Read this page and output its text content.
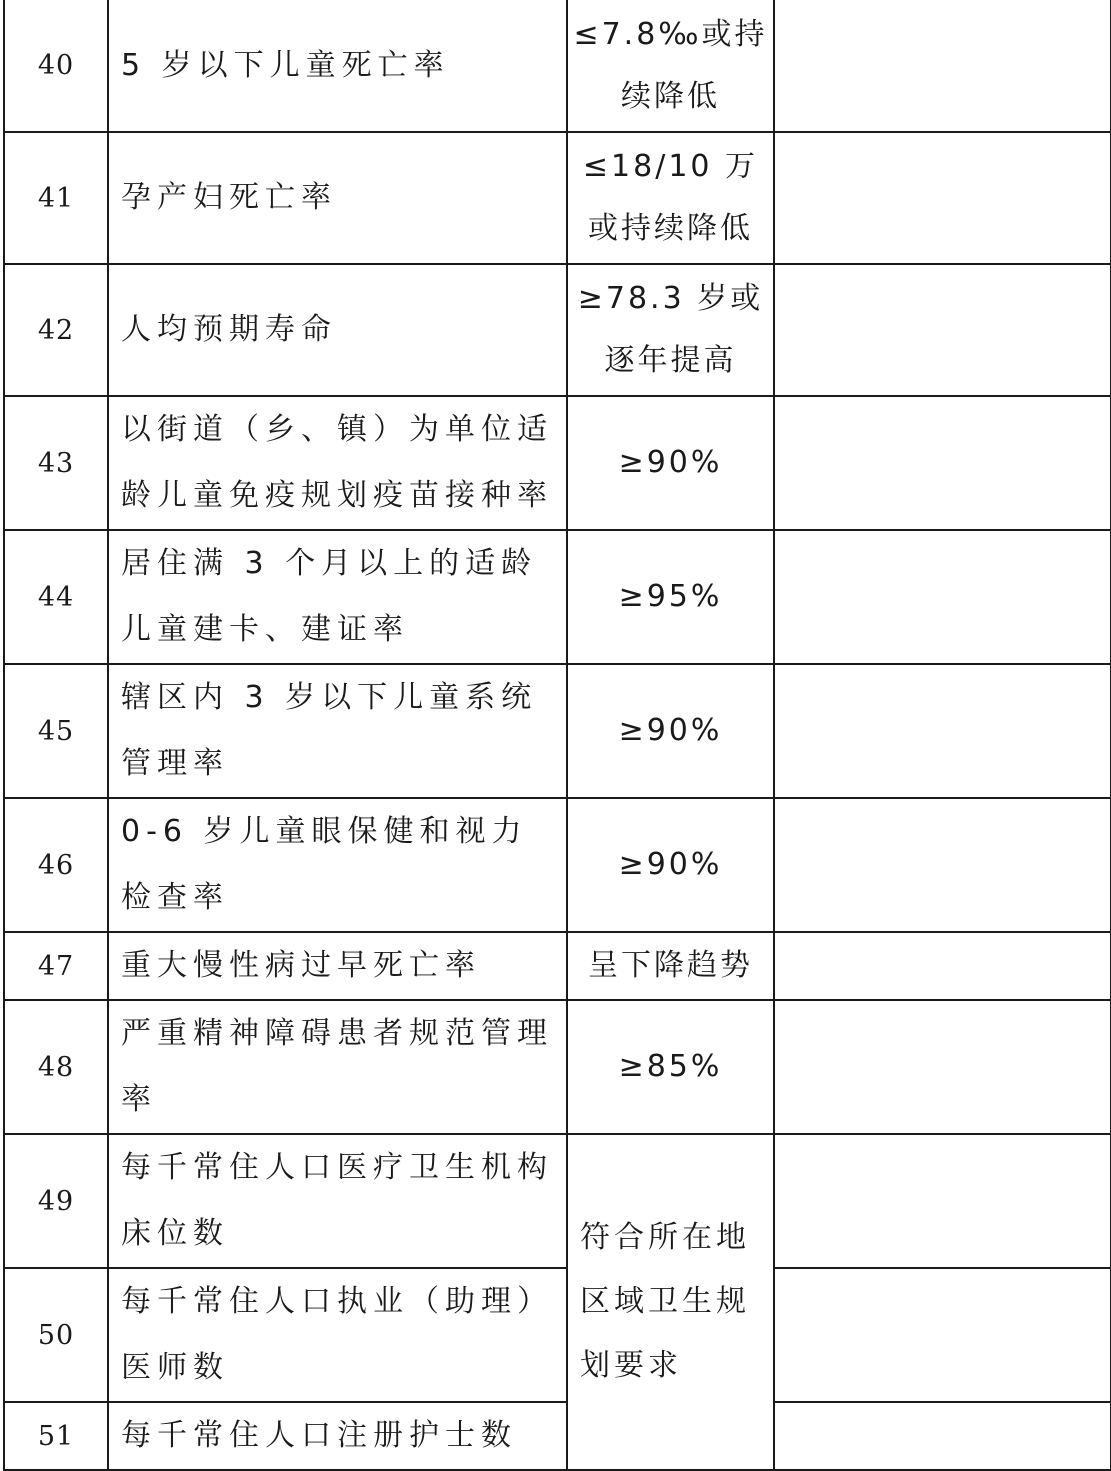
40	5 岁以下儿童死亡率	≤7.8‰或持续降低	
41	孕产妇死亡率	≤18/10 万或持续降低	
42	人均预期寿命	≥78.3 岁或逐年提高	
43	以街道（乡、镇）为单位适龄儿童免疫规划疫苗接种率	≥90%	
44	居住满 3 个月以上的适龄儿童建卡、建证率	≥95%	
45	辖区内 3 岁以下儿童系统管理率	≥90%	
46	0-6 岁儿童眼保健和视力检查率	≥90%	
47	重大慢性病过早死亡率	呈下降趋势	
48	严重精神障碍患者规范管理率	≥85%	
49	每千常住人口医疗卫生机构床位数	符合所在地区域卫生规划要求	
50	每千常住人口执业（助理）医师数		
51	每千常住人口注册护士数		
